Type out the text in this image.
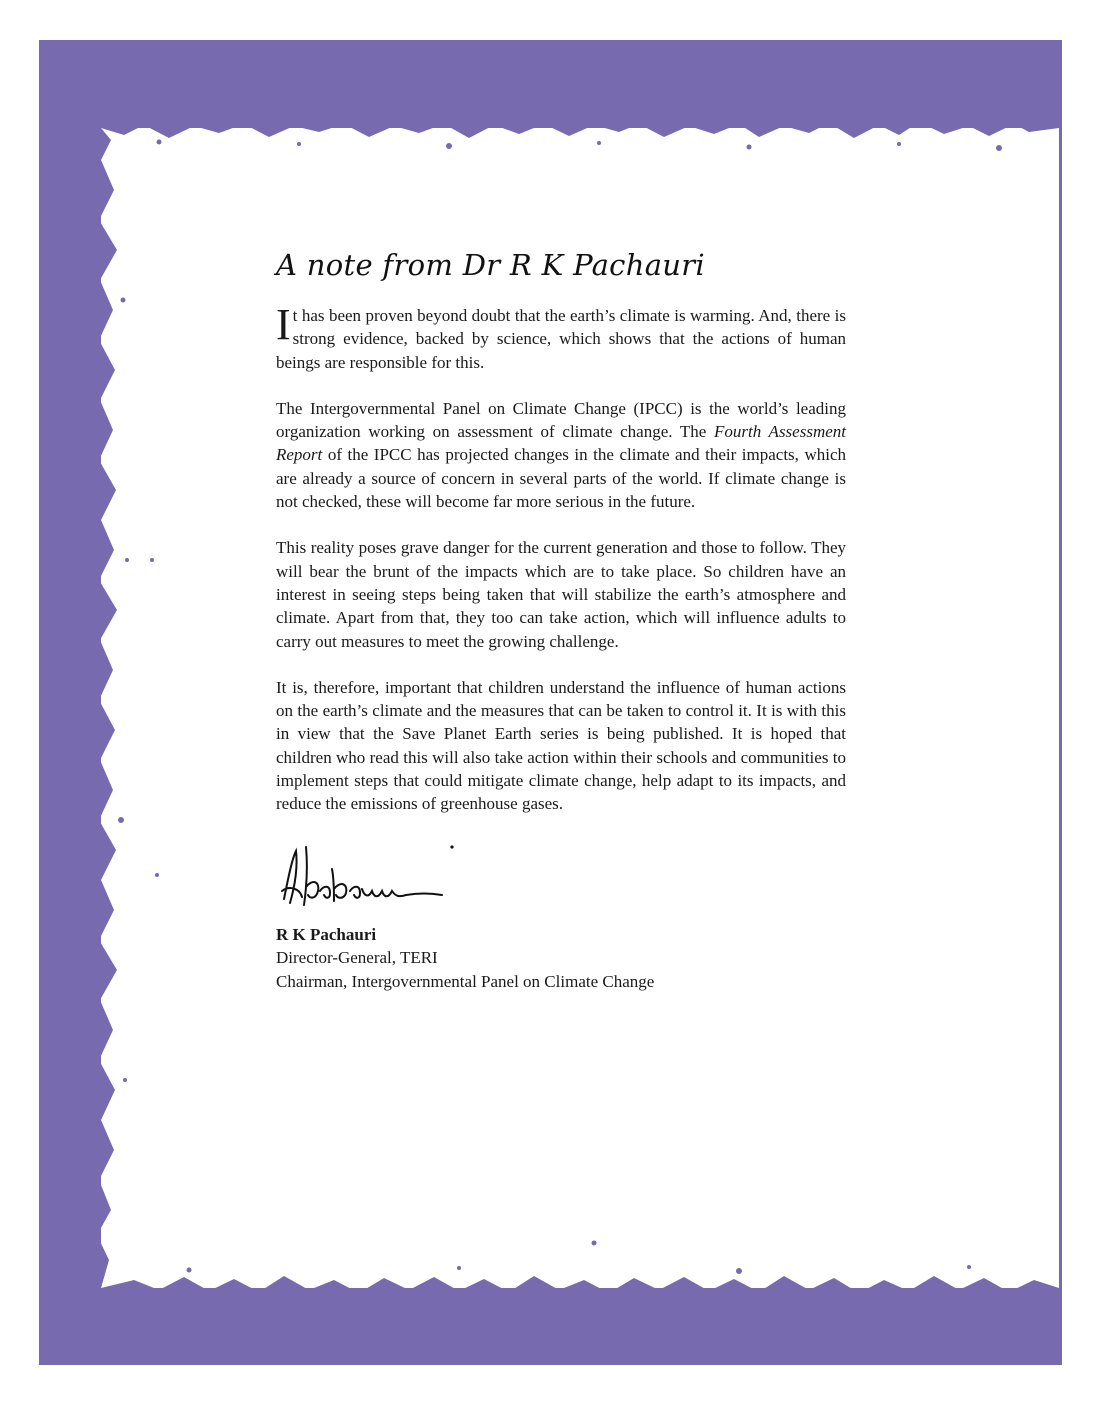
A note from Dr R K Pachauri

It has been proven beyond doubt that the earth’s climate is warming. And, there is strong evidence, backed by science, which shows that the actions of human beings are responsible for this.

The Intergovernmental Panel on Climate Change (IPCC) is the world’s leading organization working on assessment of climate change. The Fourth Assessment Report of the IPCC has projected changes in the climate and their impacts, which are already a source of concern in several parts of the world. If climate change is not checked, these will become far more serious in the future.

This reality poses grave danger for the current generation and those to follow. They will bear the brunt of the impacts which are to take place. So children have an interest in seeing steps being taken that will stabilize the earth’s atmosphere and climate. Apart from that, they too can take action, which will influence adults to carry out measures to meet the growing challenge.

It is, therefore, important that children understand the influence of human actions on the earth’s climate and the measures that can be taken to control it. It is with this in view that the Save Planet Earth series is being published. It is hoped that children who read this will also take action within their schools and communities to implement steps that could mitigate climate change, help adapt to its impacts, and reduce the emissions of greenhouse gases.

R K Pachauri
Director-General, TERI
Chairman, Intergovernmental Panel on Climate Change
